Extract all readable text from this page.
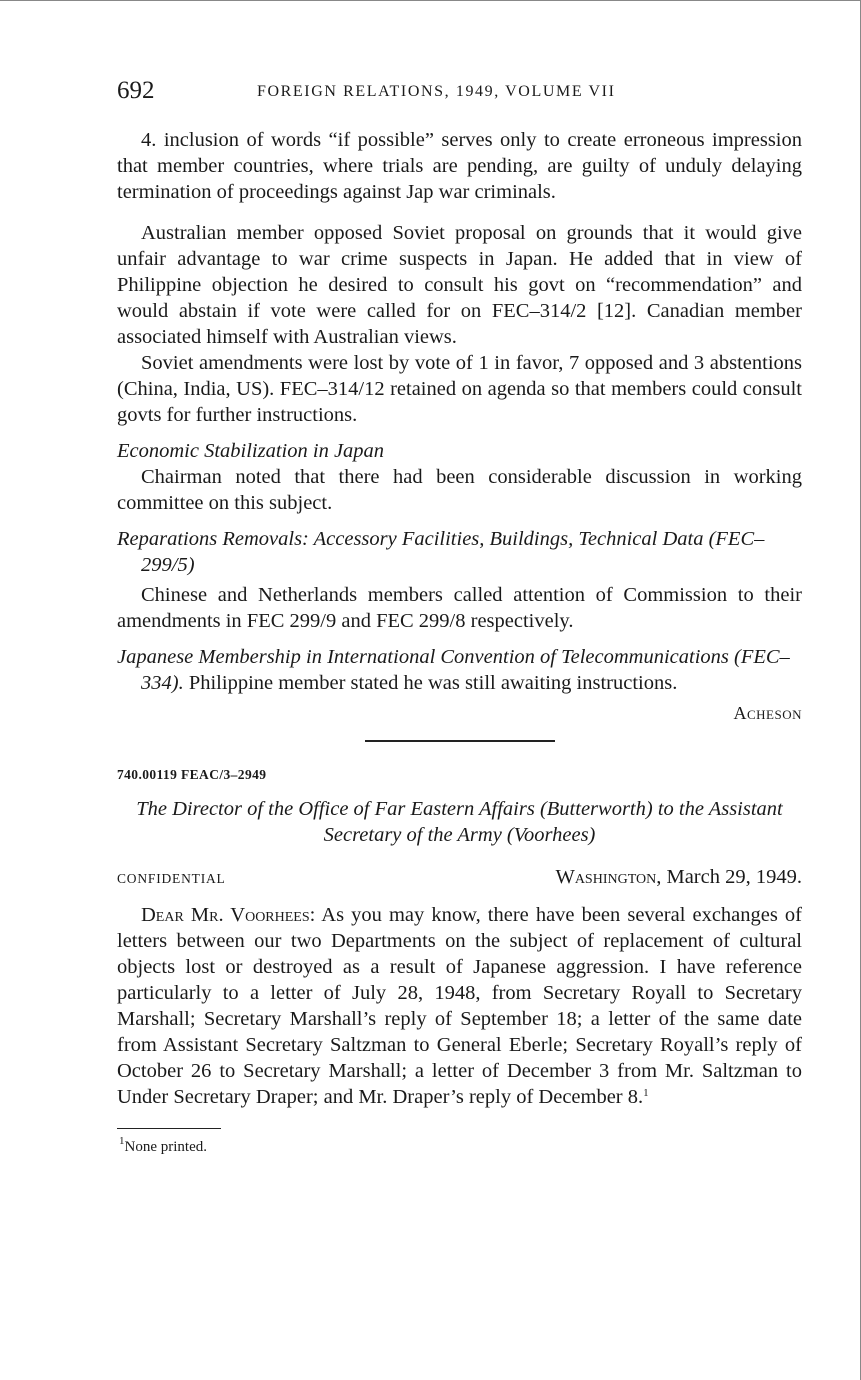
692	FOREIGN RELATIONS, 1949, VOLUME VII

4. inclusion of words “if possible” serves only to create erroneous impression that member countries, where trials are pending, are guilty of unduly delaying termination of proceedings against Jap war criminals.

Australian member opposed Soviet proposal on grounds that it would give unfair advantage to war crime suspects in Japan. He added that in view of Philippine objection he desired to consult his govt on “recommendation” and would abstain if vote were called for on FEC–314/2 [12]. Canadian member associated himself with Australian views.

Soviet amendments were lost by vote of 1 in favor, 7 opposed and 3 abstentions (China, India, US). FEC–314/12 retained on agenda so that members could consult govts for further instructions.

Economic Stabilization in Japan

Chairman noted that there had been considerable discussion in working committee on this subject.

Reparations Removals: Accessory Facilities, Buildings, Technical Data (FEC–299/5)

Chinese and Netherlands members called attention of Commission to their amendments in FEC 299/9 and FEC 299/8 respectively.

Japanese Membership in International Convention of Telecommunications (FEC–334). Philippine member stated he was still awaiting instructions.

Acheson

740.00119 FEAC/3–2949

The Director of the Office of Far Eastern Affairs (Butterworth) to the Assistant Secretary of the Army (Voorhees)

CONFIDENTIAL	Washington, March 29, 1949.

Dear Mr. Voorhees: As you may know, there have been several exchanges of letters between our two Departments on the subject of replacement of cultural objects lost or destroyed as a result of Japanese aggression. I have reference particularly to a letter of July 28, 1948, from Secretary Royall to Secretary Marshall; Secretary Marshall’s reply of September 18; a letter of the same date from Assistant Secretary Saltzman to General Eberle; Secretary Royall’s reply of October 26 to Secretary Marshall; a letter of December 3 from Mr. Saltzman to Under Secretary Draper; and Mr. Draper’s reply of December 8.$^1$

$^1$None printed.
